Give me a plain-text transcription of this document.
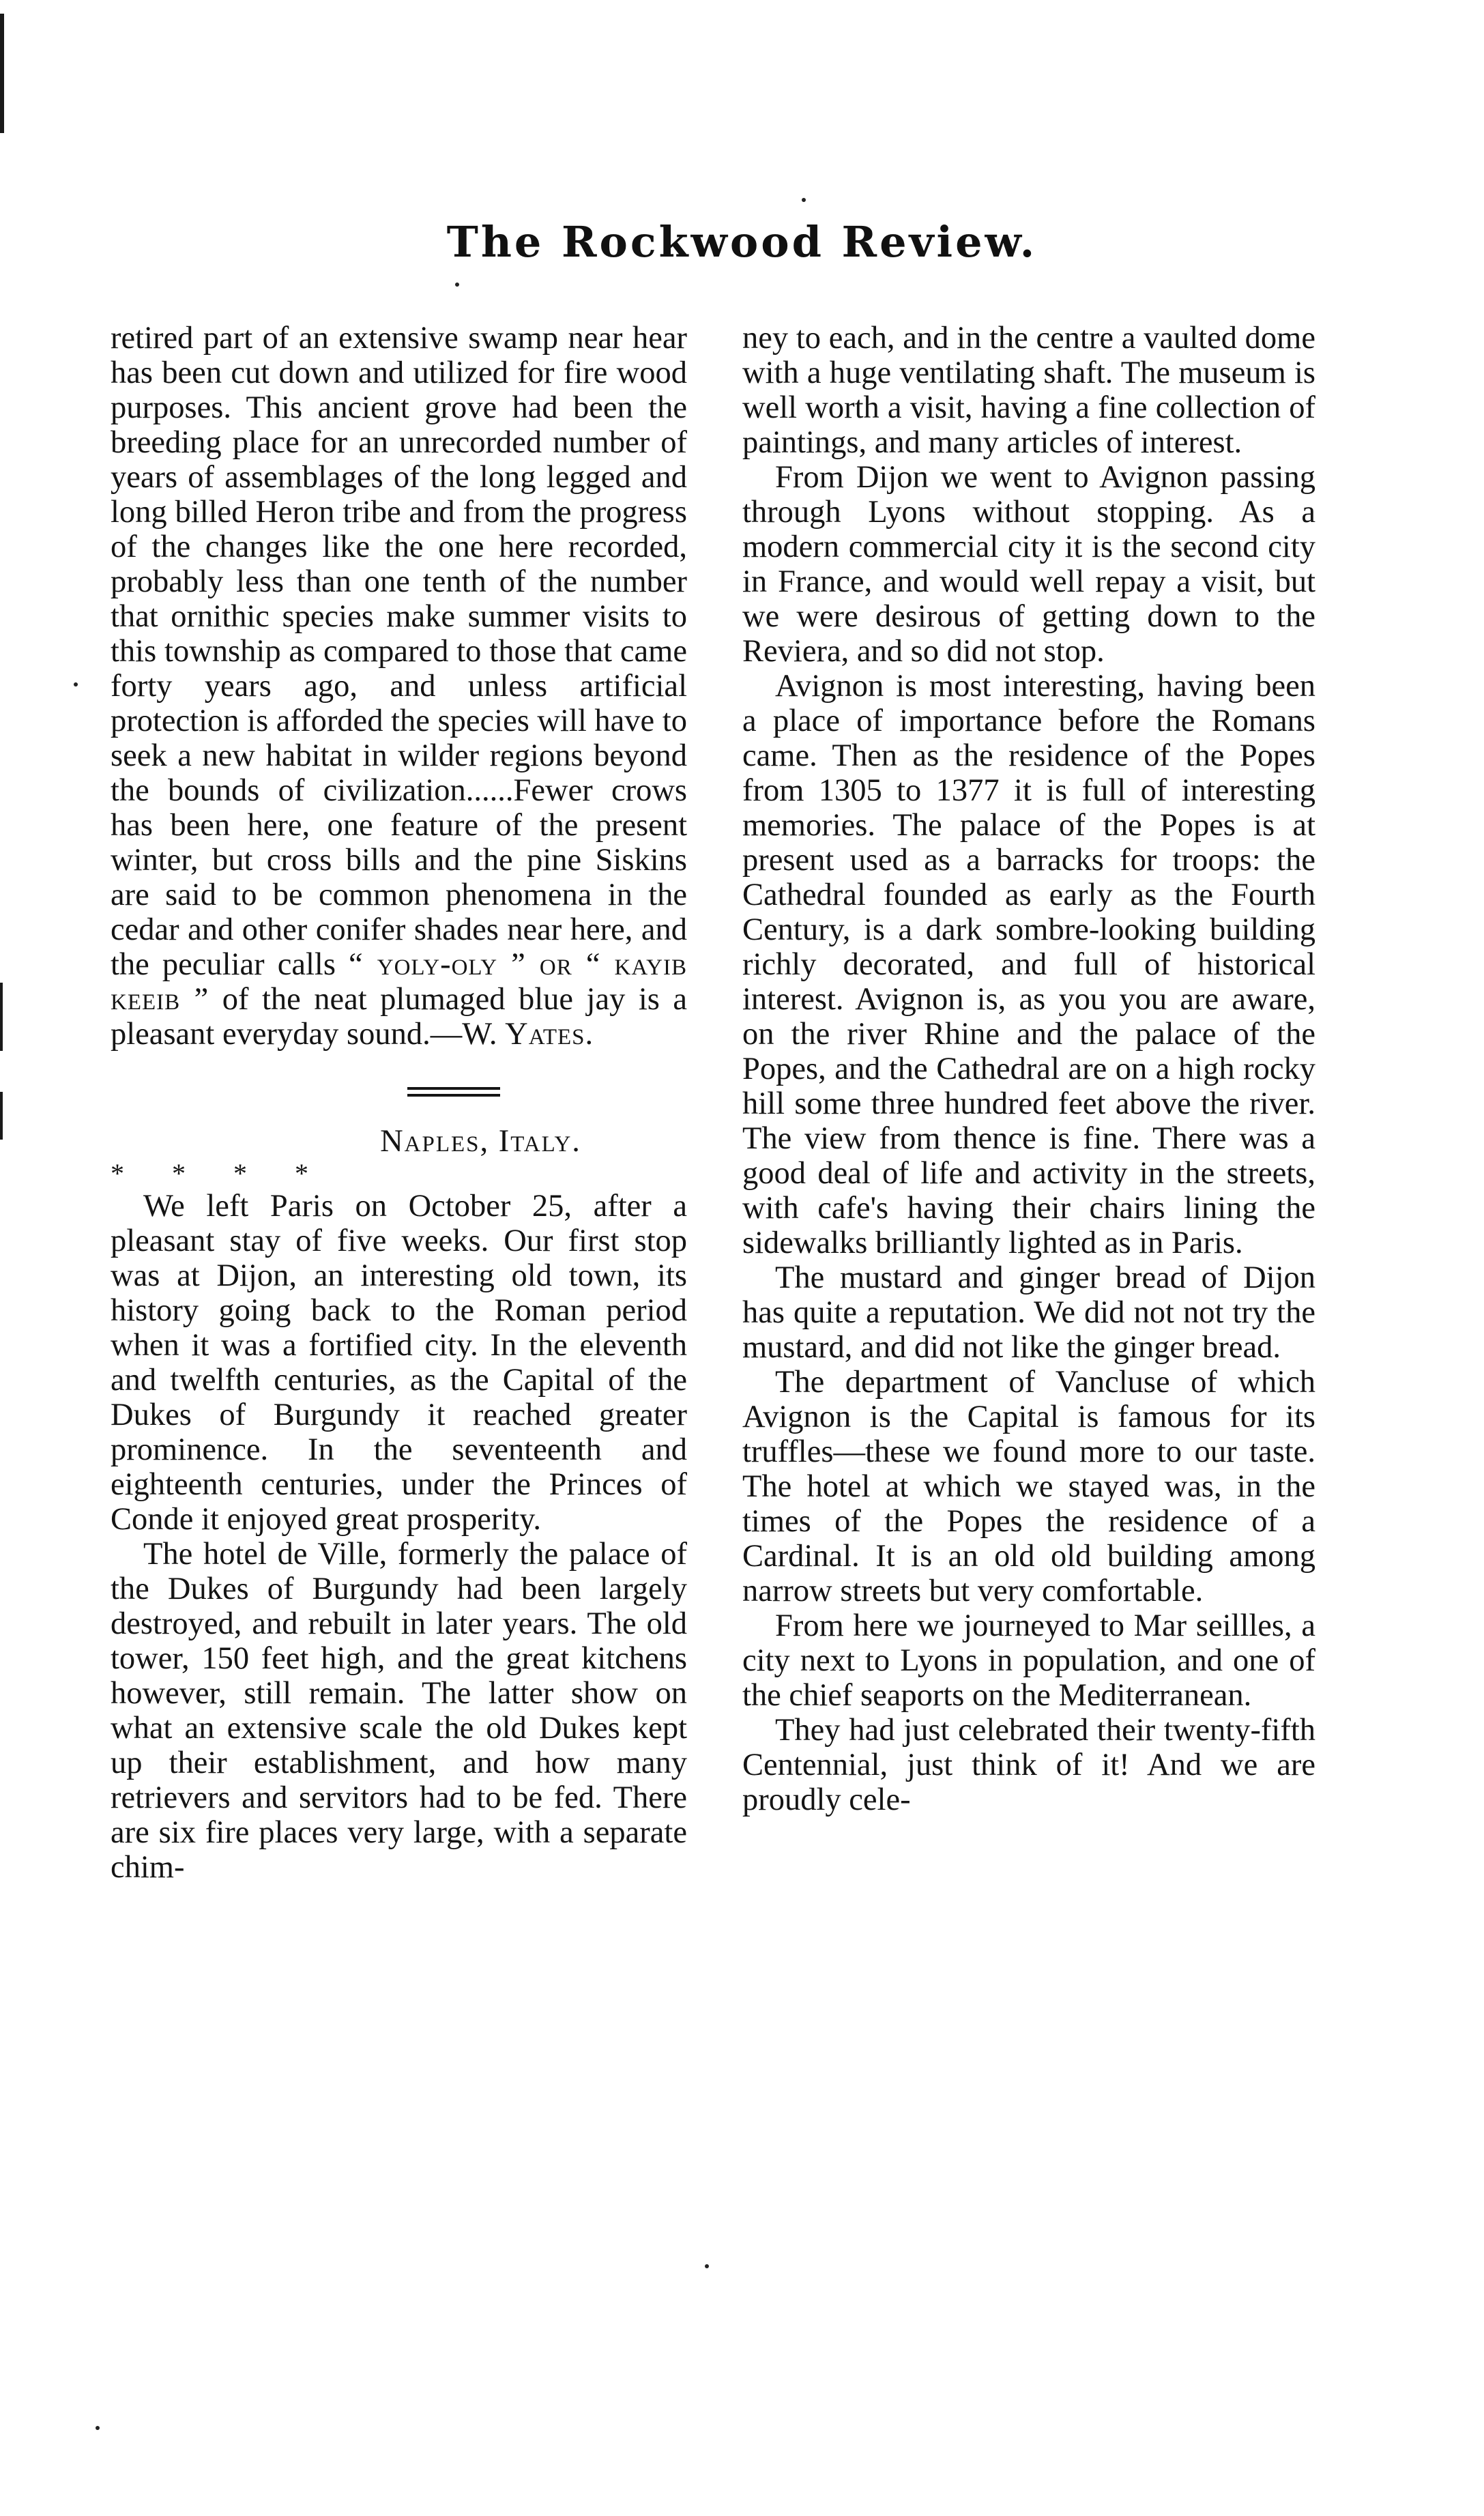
The Rockwood Review.

retired part of an extensive swamp near hear has been cut down and utilized for fire wood purposes. This ancient grove had been the breeding place for an unrecorded number of years of assemblages of the long legged and long billed Heron tribe and from the progress of the changes like the one here recorded, probably less than one tenth of the number that ornithic species make summer visits to this township as compared to those that came forty years ago, and unless artificial protection is afforded the species will have to seek a new habitat in wilder regions beyond the bounds of civilization......Fewer crows has been here, one feature of the present winter, but cross bills and the pine Siskins are said to be common phenomena in the cedar and other conifer shades near here, and the peculiar calls “ yoly-oly ” or “ kayib keeib ” of the neat plumaged blue jay is a pleasant everyday sound.—W. Yates.

Naples, Italy.

* * * *

We left Paris on October 25, after a pleasant stay of five weeks. Our first stop was at Dijon, an interesting old town, its history going back to the Roman period when it was a fortified city. In the eleventh and twelfth centuries, as the Capital of the Dukes of Burgundy it reached greater prominence. In the seventeenth and eighteenth centuries, under the Princes of Conde it enjoyed great prosperity.

The hotel de Ville, formerly the palace of the Dukes of Burgundy had been largely destroyed, and rebuilt in later years. The old tower, 150 feet high, and the great kitchens however, still remain. The latter show on what an extensive scale the old Dukes kept up their establishment, and how many retrievers and servitors had to be fed. There are six fire places very large, with a separate chim-

ney to each, and in the centre a vaulted dome with a huge ventilating shaft. The museum is well worth a visit, having a fine collection of paintings, and many articles of interest.

From Dijon we went to Avignon passing through Lyons without stopping. As a modern commercial city it is the second city in France, and would well repay a visit, but we were desirous of getting down to the Reviera, and so did not stop.

Avignon is most interesting, having been a place of importance before the Romans came. Then as the residence of the Popes from 1305 to 1377 it is full of interesting memories. The palace of the Popes is at present used as a barracks for troops: the Cathedral founded as early as the Fourth Century, is a dark sombre-looking building richly decorated, and full of historical interest. Avignon is, as you you are aware, on the river Rhine and the palace of the Popes, and the Cathedral are on a high rocky hill some three hundred feet above the river. The view from thence is fine. There was a good deal of life and activity in the streets, with cafe's having their chairs lining the sidewalks brilliantly lighted as in Paris.

The mustard and ginger bread of Dijon has quite a reputation. We did not not try the mustard, and did not like the ginger bread.

The department of Vancluse of which Avignon is the Capital is famous for its truffles—these we found more to our taste. The hotel at which we stayed was, in the times of the Popes the residence of a Cardinal. It is an old old building among narrow streets but very comfortable.

From here we journeyed to Mar seillles, a city next to Lyons in population, and one of the chief seaports on the Mediterranean.

They had just celebrated their twenty-fifth Centennial, just think of it! And we are proudly cele-
